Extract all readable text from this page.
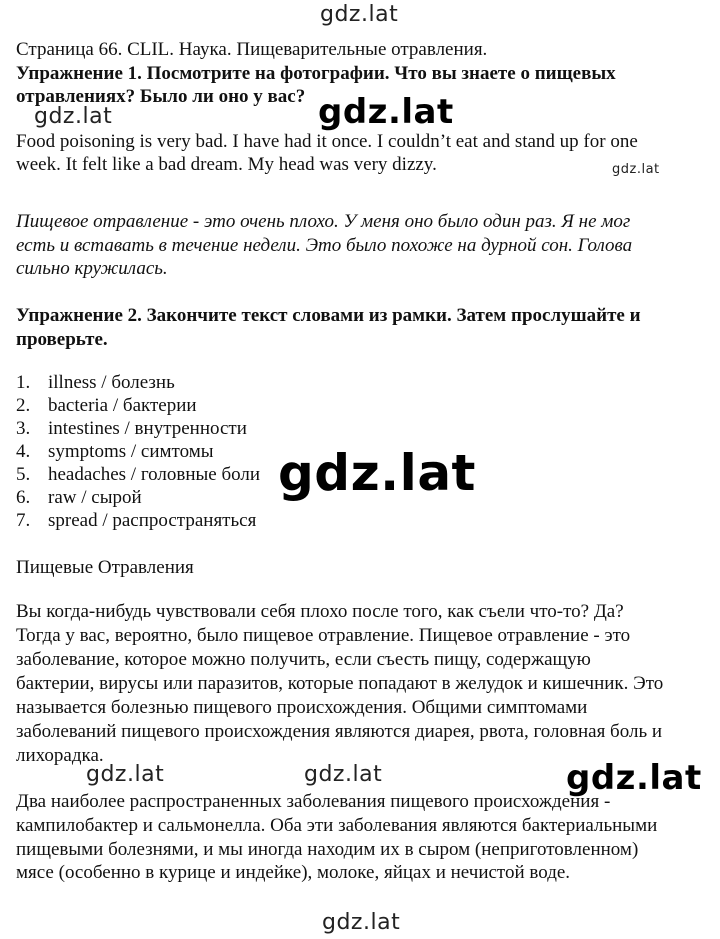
gdz.lat
gdz.lat	gdz.lat
gdz.lat
gdz.lat
gdz.lat	gdz.lat	gdz.lat
gdz.lat
Страница 66. CLIL. Наука. Пищеварительные отравления.
Упражнение 1. Посмотрите на фотографии. Что вы знаете о пищевых
отравлениях? Было ли оно у вас?
Food poisoning is very bad. I have had it once. I couldn’t eat and stand up for one
week. It felt like a bad dream. My head was very dizzy.
Пищевое отравление - это очень плохо. У меня оно было один раз. Я не мог
есть и вставать в течение недели. Это было похоже на дурной сон. Голова
сильно кружилась.
Упражнение 2. Закончите текст словами из рамки. Затем прослушайте и
проверьте.
1. illness / болезнь
2. bacteria / бактерии
3. intestines / внутренности
4. symptoms / симтомы
5. headaches / головные боли
6. raw / сырой
7. spread / распространяться
Пищевые Отравления
Вы когда-нибудь чувствовали себя плохо после того, как съели что-то? Да?
Тогда у вас, вероятно, было пищевое отравление. Пищевое отравление - это
заболевание, которое можно получить, если съесть пищу, содержащую
бактерии, вирусы или паразитов, которые попадают в желудок и кишечник. Это
называется болезнью пищевого происхождения. Общими симптомами
заболеваний пищевого происхождения являются диарея, рвота, головная боль и
лихорадка.
Два наиболее распространенных заболевания пищевого происхождения -
кампилобактер и сальмонелла. Оба эти заболевания являются бактериальными
пищевыми болезнями, и мы иногда находим их в сыром (неприготовленном)
мясе (особенно в курице и индейке), молоке, яйцах и нечистой воде.
